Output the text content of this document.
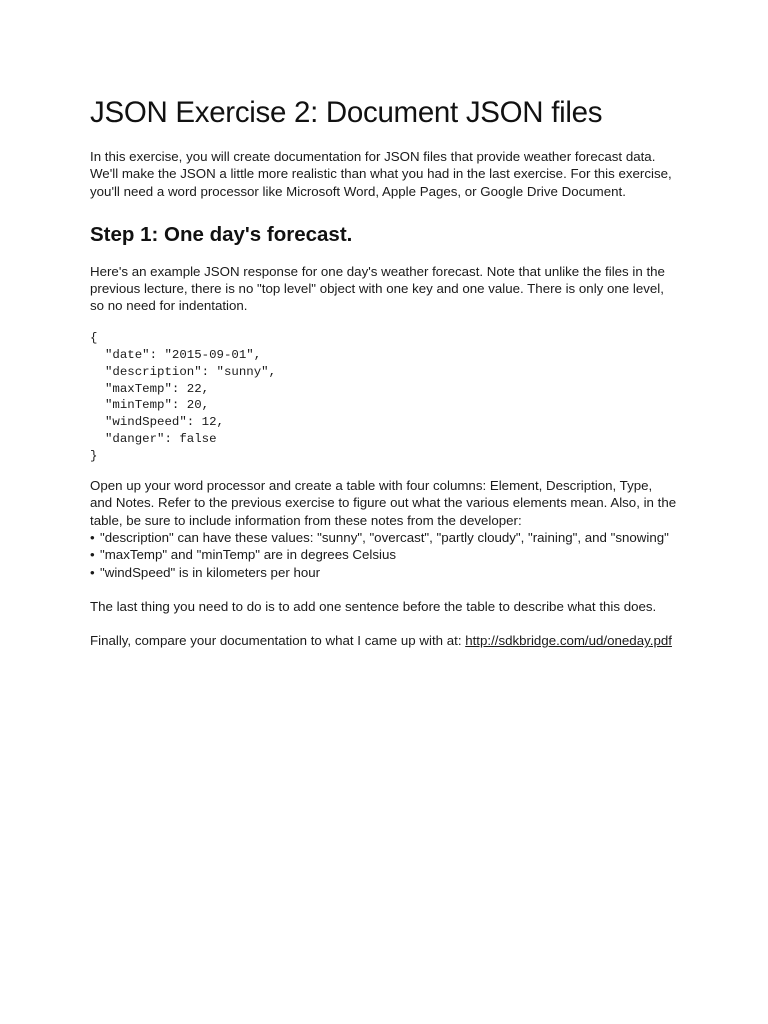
JSON Exercise 2: Document JSON files

In this exercise, you will create documentation for JSON files that provide weather forecast data. We'll make the JSON a little more realistic than what you had in the last exercise. For this exercise, you'll need a word processor like Microsoft Word, Apple Pages, or Google Drive Document.

Step 1: One day's forecast.

Here's an example JSON response for one day's weather forecast. Note that unlike the files in the previous lecture, there is no "top level" object with one key and one value. There is only one level, so no need for indentation.

{
"date": "2015-09-01",
"description": "sunny",
"maxTemp": 22,
"minTemp": 20,
"windSpeed": 12,
"danger": false
}

Open up your word processor and create a table with four columns: Element, Description, Type, and Notes. Refer to the previous exercise to figure out what the various elements mean. Also, in the table, be sure to include information from these notes from the developer:

• "description" can have these values: "sunny", "overcast", "partly cloudy", "raining", and "snowing"
• "maxTemp" and "minTemp" are in degrees Celsius
• "windSpeed" is in kilometers per hour

The last thing you need to do is to add one sentence before the table to describe what this does.

Finally, compare your documentation to what I came up with at: http://sdkbridge.com/ud/oneday.pdf
